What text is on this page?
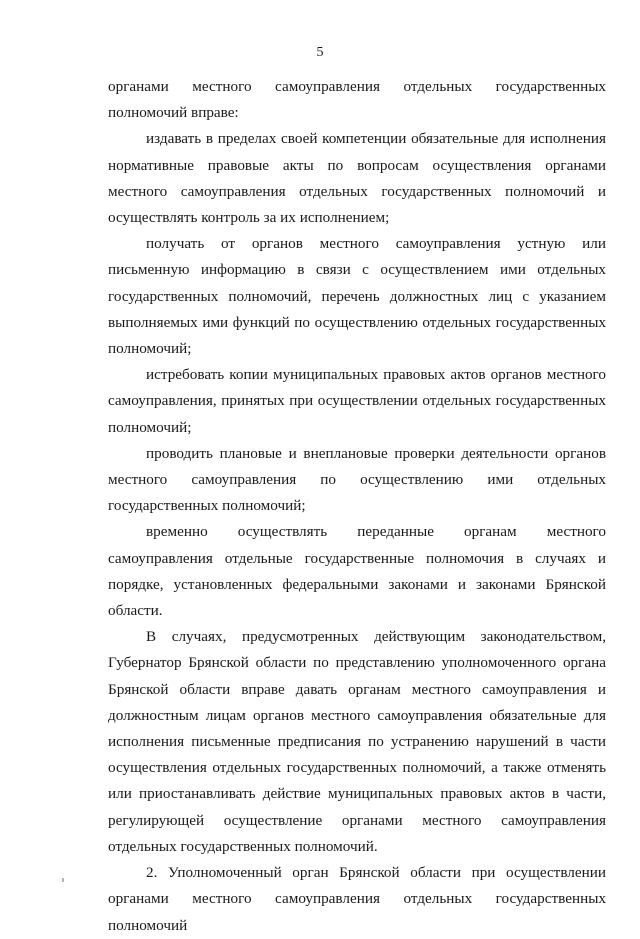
5

органами местного самоуправления отдельных государственных полномочий вправе:

издавать в пределах своей компетенции обязательные для исполнения нормативные правовые акты по вопросам осуществления органами местного самоуправления отдельных государственных полномочий и осуществлять контроль за их исполнением;

получать от органов местного самоуправления устную или письменную информацию в связи с осуществлением ими отдельных государственных полномочий, перечень должностных лиц с указанием выполняемых ими функций по осуществлению отдельных государственных полномочий;

истребовать копии муниципальных правовых актов органов местного самоуправления, принятых при осуществлении отдельных государственных полномочий;

проводить плановые и внеплановые проверки деятельности органов местного самоуправления по осуществлению ими отдельных государственных полномочий;

временно осуществлять переданные органам местного самоуправления отдельные государственные полномочия в случаях и порядке, установленных федеральными законами и законами Брянской области.

В случаях, предусмотренных действующим законодательством, Губернатор Брянской области по представлению уполномоченного органа Брянской области вправе давать органам местного самоуправления и должностным лицам органов местного самоуправления обязательные для исполнения письменные предписания по устранению нарушений в части осуществления отдельных государственных полномочий, а также отменять или приостанавливать действие муниципальных правовых актов в части, регулирующей осуществление органами местного самоуправления отдельных государственных полномочий.

2. Уполномоченный орган Брянской области при осуществлении органами местного самоуправления отдельных государственных полномочий
